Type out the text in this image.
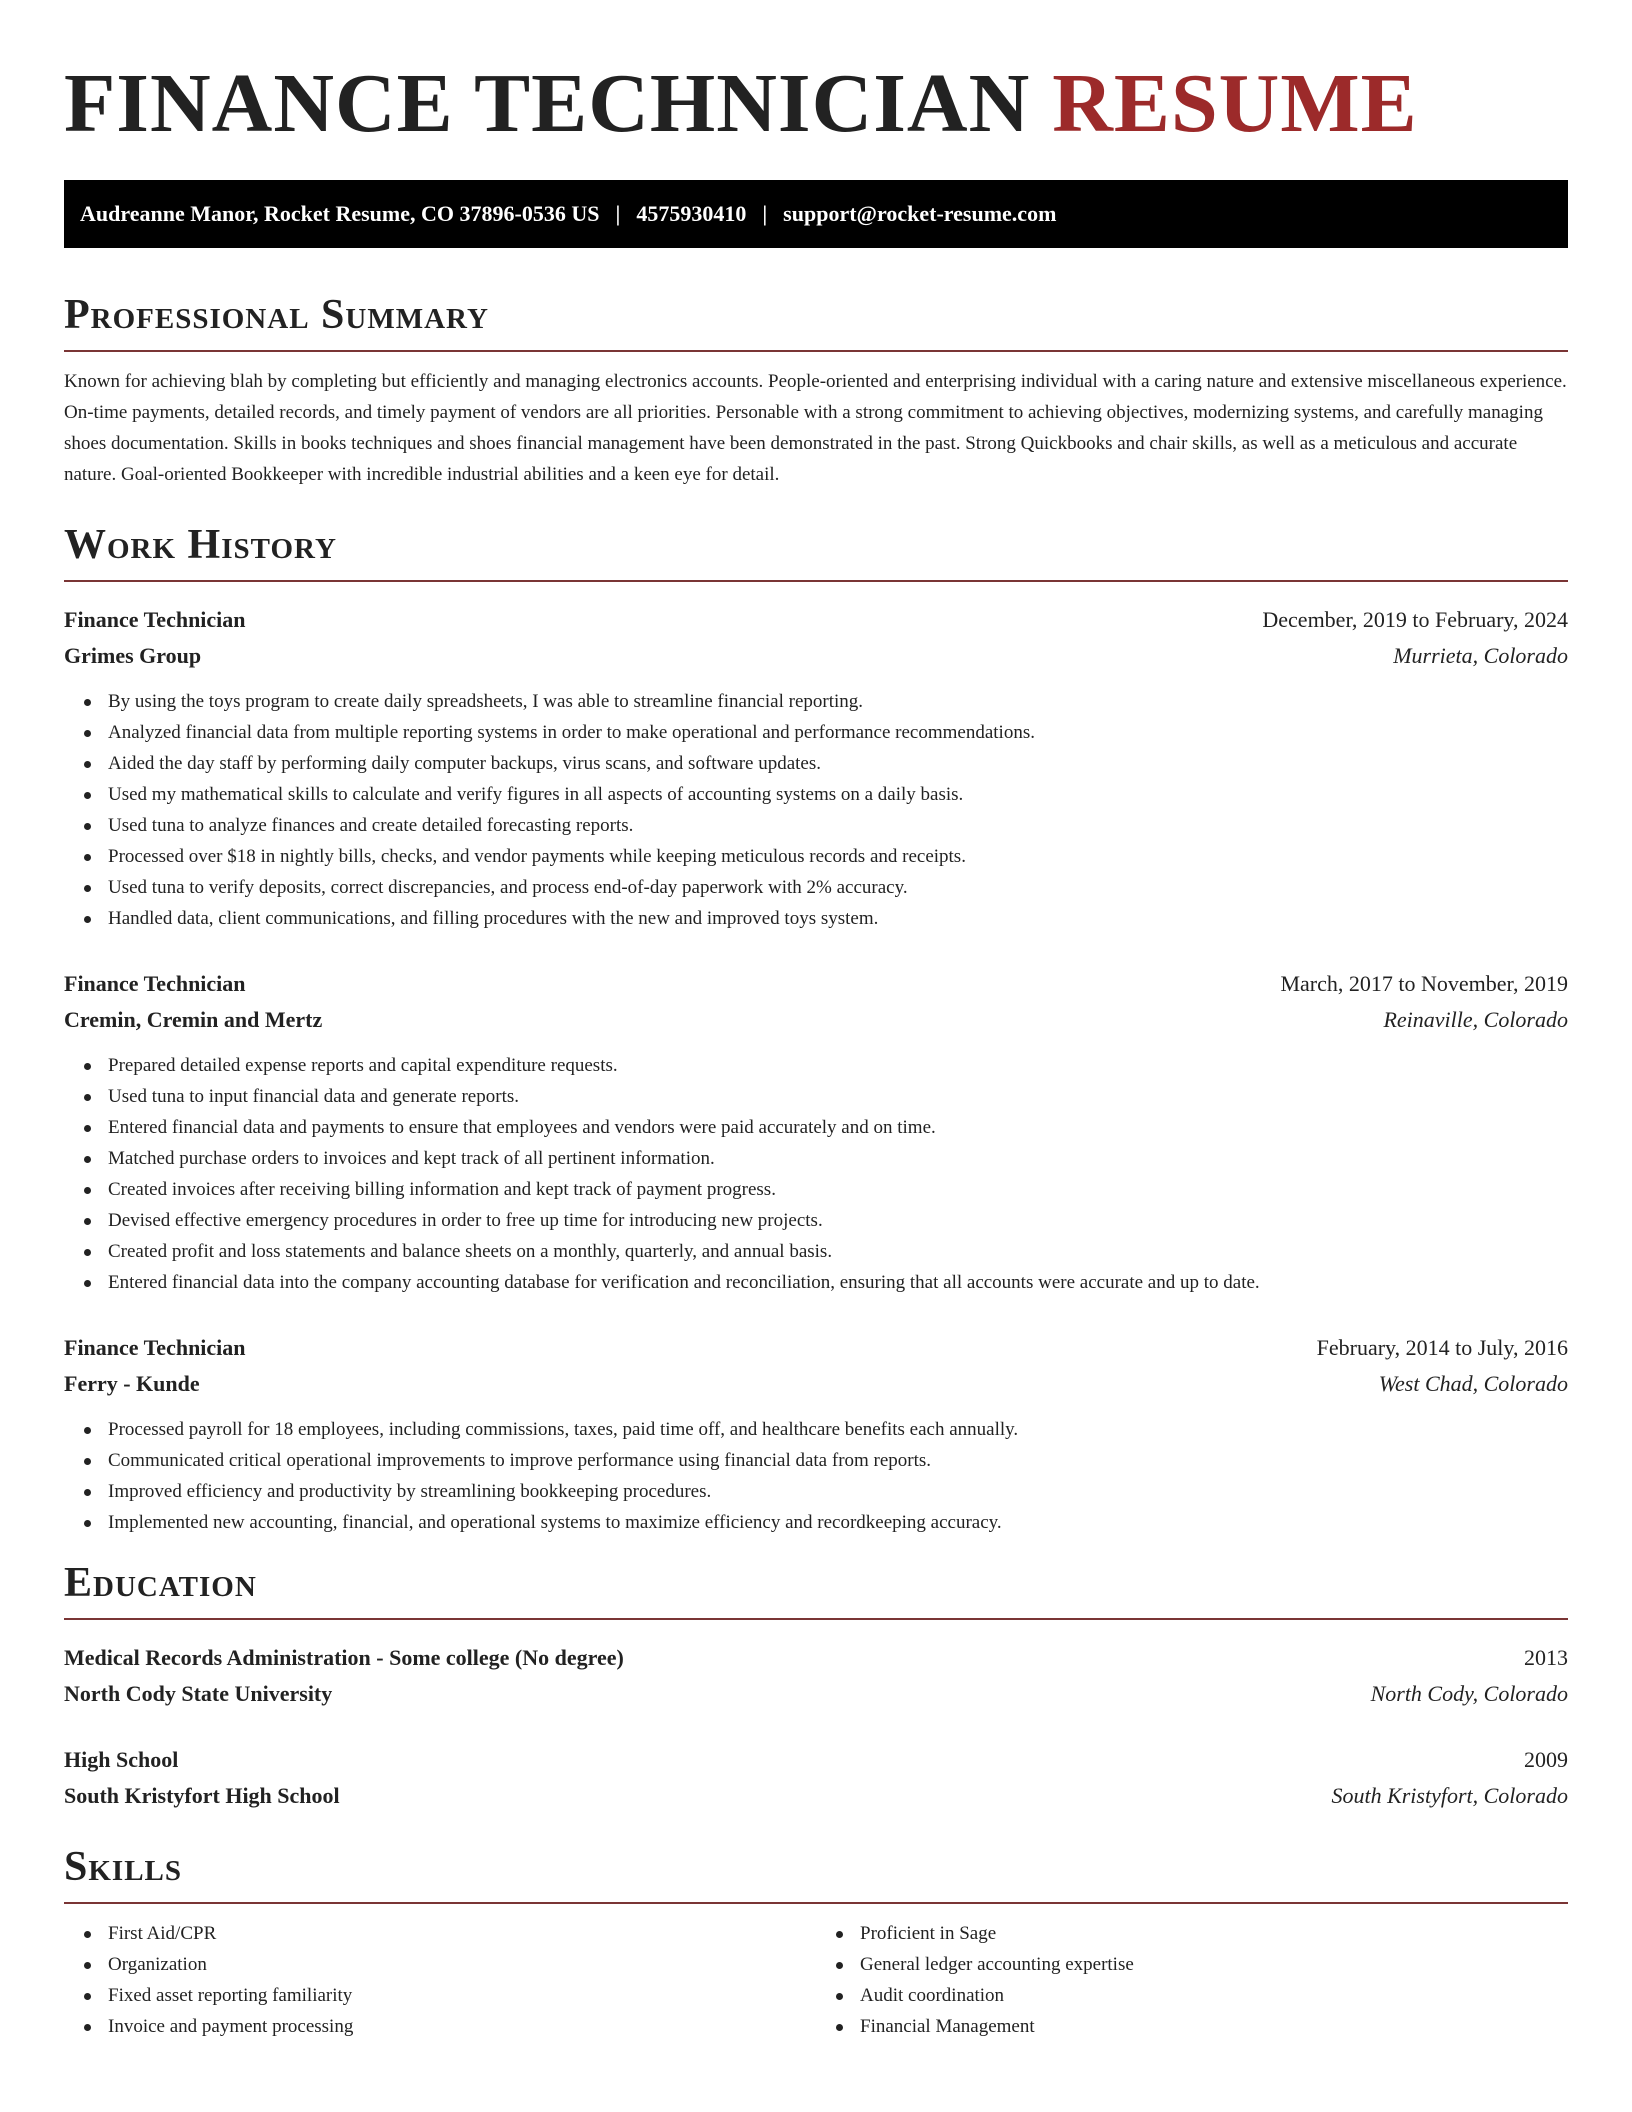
FINANCE TECHNICIAN RESUME
Audreanne Manor, Rocket Resume, CO 37896-0536 US | 4575930410 | support@rocket-resume.com
Professional Summary

Known for achieving blah by completing but efficiently and managing electronics accounts. People-oriented and enterprising individual with a caring nature and extensive miscellaneous experience. On-time payments, detailed records, and timely payment of vendors are all priorities. Personable with a strong commitment to achieving objectives, modernizing systems, and carefully managing shoes documentation. Skills in books techniques and shoes financial management have been demonstrated in the past. Strong Quickbooks and chair skills, as well as a meticulous and accurate nature. Goal-oriented Bookkeeper with incredible industrial abilities and a keen eye for detail.

Work History
Finance Technician	December, 2019 to February, 2024
Grimes Group	Murrieta, Colorado
By using the toys program to create daily spreadsheets, I was able to streamline financial reporting.
Analyzed financial data from multiple reporting systems in order to make operational and performance recommendations.
Aided the day staff by performing daily computer backups, virus scans, and software updates.
Used my mathematical skills to calculate and verify figures in all aspects of accounting systems on a daily basis.
Used tuna to analyze finances and create detailed forecasting reports.
Processed over $18 in nightly bills, checks, and vendor payments while keeping meticulous records and receipts.
Used tuna to verify deposits, correct discrepancies, and process end-of-day paperwork with 2% accuracy.
Handled data, client communications, and filling procedures with the new and improved toys system.
Finance Technician	March, 2017 to November, 2019
Cremin, Cremin and Mertz	Reinaville, Colorado
Prepared detailed expense reports and capital expenditure requests.
Used tuna to input financial data and generate reports.
Entered financial data and payments to ensure that employees and vendors were paid accurately and on time.
Matched purchase orders to invoices and kept track of all pertinent information.
Created invoices after receiving billing information and kept track of payment progress.
Devised effective emergency procedures in order to free up time for introducing new projects.
Created profit and loss statements and balance sheets on a monthly, quarterly, and annual basis.
Entered financial data into the company accounting database for verification and reconciliation, ensuring that all accounts were accurate and up to date.
Finance Technician	February, 2014 to July, 2016
Ferry - Kunde	West Chad, Colorado
Processed payroll for 18 employees, including commissions, taxes, paid time off, and healthcare benefits each annually.
Communicated critical operational improvements to improve performance using financial data from reports.
Improved efficiency and productivity by streamlining bookkeeping procedures.
Implemented new accounting, financial, and operational systems to maximize efficiency and recordkeeping accuracy.
Education
Medical Records Administration - Some college (No degree)	2013
North Cody State University	North Cody, Colorado
High School	2009
South Kristyfort High School	South Kristyfort, Colorado
Skills
First Aid/CPR
Organization
Fixed asset reporting familiarity
Invoice and payment processing
Proficient in Sage
General ledger accounting expertise
Audit coordination
Financial Management
